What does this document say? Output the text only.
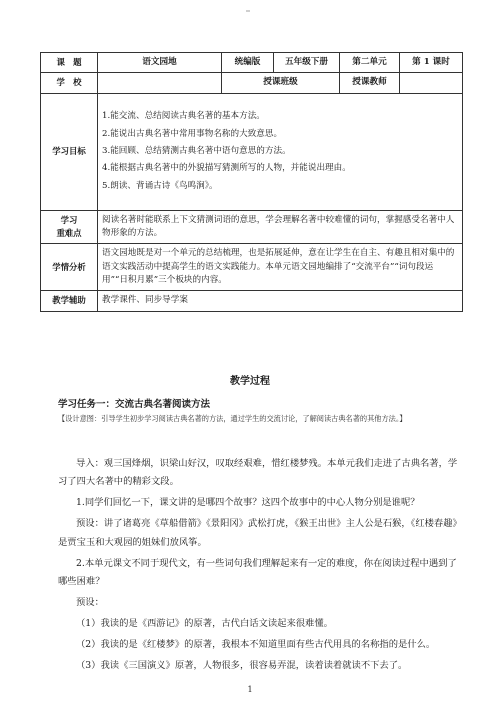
课　题	语文园地	统编版	五年级下册	第二单元	第 1 课时
学　校		授课班级		授课教师	
学习目标	1.能交流、总结阅读古典名著的基本方法。
2.能说出古典名著中常用事物名称的大致意思。
3.能回顾、总结猜测古典名著中语句意思的方法。
4.能根据古典名著中的外貌描写猜测所写的人物，并能说出理由。
5.朗读、背诵古诗《鸟鸣涧》。				

学习
重难点	阅读名著时能联系上下文猜测词语的意思，学会理解名著中较难懂的词句，掌握感受名著中人物形象的方法。				
学情分析	语文园地既是对一个单元的总结梳理，也是拓展延伸，意在让学生在自主、有趣且相对集中的语文实践活动中提高学生的语文实践能力。本单元语文园地编排了“交流平台”“词句段运用”“日积月累”三个板块的内容。				
教学辅助	教学课件、同步导学案				
教学过程
学习任务一：交流古典名著阅读方法
【设计意图：引导学生初步学习阅读古典名著的方法，通过学生的交流讨论，了解阅读古典名著的其他方法。】

导入：观三国烽烟，识梁山好汉，叹取经艰难，惜红楼梦残。本单元我们走进了古典名著，学习了四大名著中的精彩文段。

1.同学们回忆一下，课文讲的是哪四个故事？这四个故事中的中心人物分别是谁呢？

预设：讲了诸葛亮《草船借箭》《景阳冈》武松打虎，《猴王出世》主人公是石猴，《红楼春趣》是贾宝玉和大观园的姐妹们放风筝。

2.本单元课文不同于现代文，有一些词句我们理解起来有一定的难度，你在阅读过程中遇到了哪些困难？

预设：

（1）我读的是《西游记》的原著，古代白话文读起来很难懂。

（2）我读的是《红楼梦》的原著，我根本不知道里面有些古代用具的名称指的是什么。

（3）我读《三国演义》原著，人物很多，很容易弄混，读着读着就读不下去了。

1
